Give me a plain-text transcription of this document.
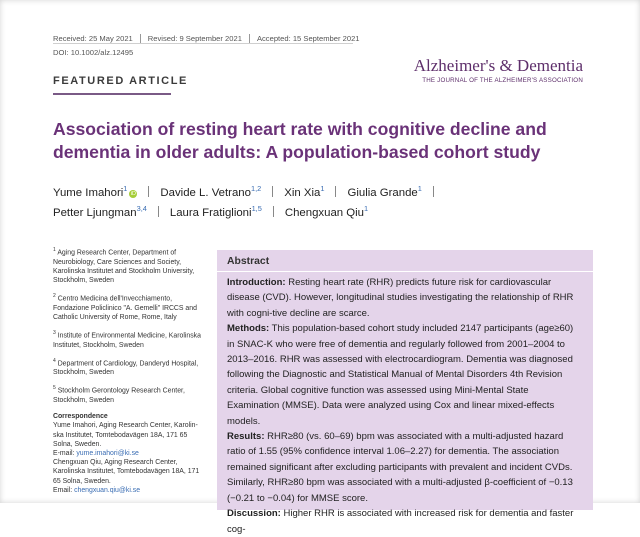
Received: 25 May 2021 Revised: 9 September 2021 Accepted: 15 September 2021
DOI: 10.1002/alz.12495
FEATURED ARTICLE
Alzheimer's & Dementia
THE JOURNAL OF THE ALZHEIMER'S ASSOCIATION
Association of resting heart rate with cognitive decline and dementia in older adults: A population-based cohort study
Yume Imahori$^1$iD Davide L. Vetrano$^{1,2}$ Xin Xia$^1$ Giulia Grande$^1$
Petter Ljungman$^{3,4}$ Laura Fratiglioni$^{1,5}$ Chengxuan Qiu$^1$
$^1$ Aging Research Center, Department of Neurobiology, Care Sciences and Society, Karolinska Institutet and Stockholm University, Stockholm, Sweden
$^2$ Centro Medicina dell'Invecchiamento, Fondazione Policlinico "A. Gemelli" IRCCS and Catholic University of Rome, Rome, Italy
$^3$ Institute of Environmental Medicine, Karolinska Institutet, Stockholm, Sweden
$^4$ Department of Cardiology, Danderyd Hospital, Stockholm, Sweden
$^5$ Stockholm Gerontology Research Center, Stockholm, Sweden
Correspondence
Yume Imahori, Aging Research Center, Karolin-ska Institutet, Tomtebodavägen 18A, 171 65 Solna, Sweden.
E-mail: yume.imahori@ki.se
Chengxuan Qiu, Aging Research Center, Karolinska Institutet, Tomtebodavägen 18A, 171 65 Solna, Sweden.
Email: chengxuan.qiu@ki.se
Abstract

Introduction: Resting heart rate (RHR) predicts future risk for cardiovascular disease (CVD). However, longitudinal studies investigating the relationship of RHR with cogni-tive decline are scarce.

Methods: This population-based cohort study included 2147 participants (age≥60) in SNAC-K who were free of dementia and regularly followed from 2001–2004 to 2013–2016. RHR was assessed with electrocardiogram. Dementia was diagnosed following the Diagnostic and Statistical Manual of Mental Disorders 4th Revision criteria. Global cognitive function was assessed using Mini-Mental State Examination (MMSE). Data were analyzed using Cox and linear mixed-effects models.

Results: RHR≥80 (vs. 60–69) bpm was associated with a multi-adjusted hazard ratio of 1.55 (95% confidence interval 1.06–2.27) for dementia. The association remained significant after excluding participants with prevalent and incident CVDs. Similarly, RHR≥80 bpm was associated with a multi-adjusted β-coefficient of −0.13 (−0.21 to −0.04) for MMSE score.

Discussion: Higher RHR is associated with increased risk for dementia and faster cog-
